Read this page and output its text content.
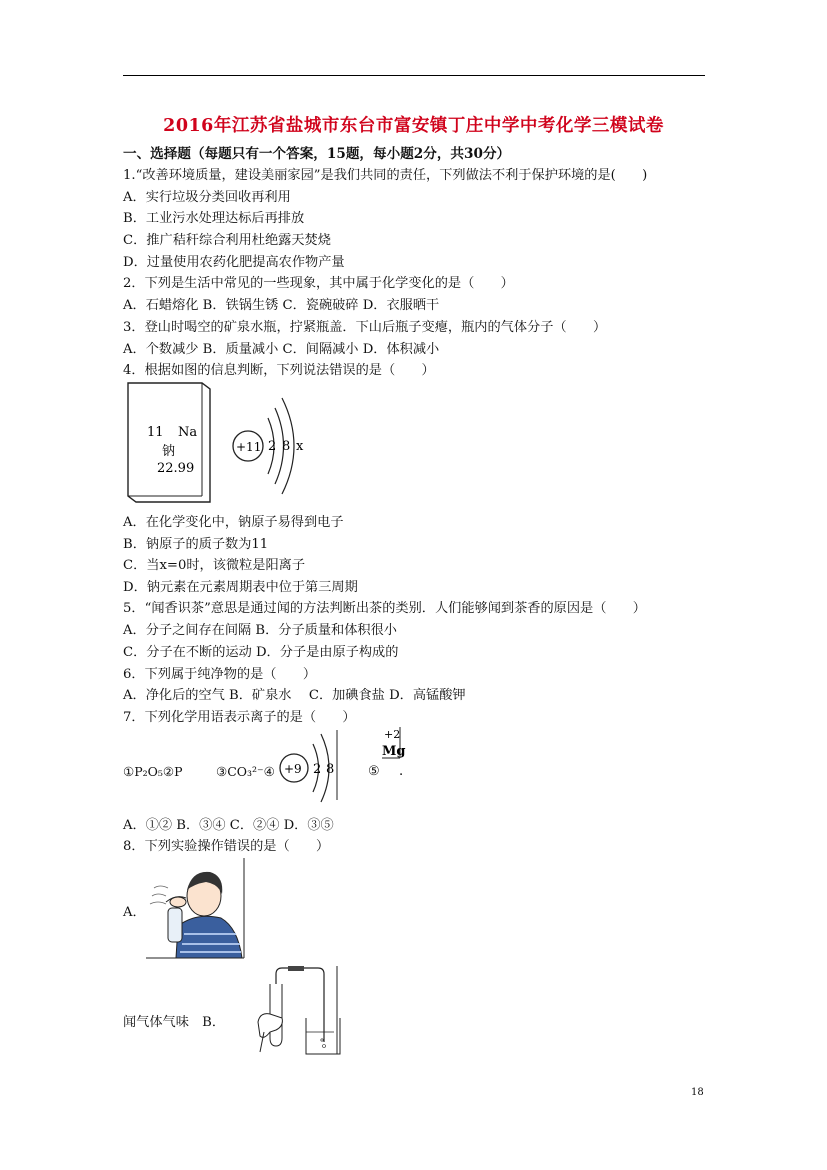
2016年江苏省盐城市东台市富安镇丁庄中学中考化学三模试卷
一、选择题（每题只有一个答案，15题，每小题2分，共30分）
1.“改善环境质量，建设美丽家园”是我们共同的责任，下列做法不利于保护环境的是(　　)
A．实行垃圾分类回收再利用
B．工业污水处理达标后再排放
C．推广秸秆综合利用杜绝露天焚烧
D．过量使用农药化肥提高农作物产量
2．下列是生活中常见的一些现象，其中属于化学变化的是（　　）
A．石蜡熔化 B．铁锅生锈 C．瓷碗破碎 D．衣服晒干
3．登山时喝空的矿泉水瓶，拧紧瓶盖．下山后瓶子变瘪，瓶内的气体分子（　　）
A．个数减少 B．质量减小 C．间隔减小 D．体积减小
4．根据如图的信息判断，下列说法错误的是（　　）
11 Na
钠
22.99
+11 2 8 x
A．在化学变化中，钠原子易得到电子
B．钠原子的质子数为11
C．当x=0时，该微粒是阳离子
D．钠元素在元素周期表中位于第三周期
5．“闻香识茶”意思是通过闻的方法判断出茶的类别．人们能够闻到茶香的原因是（　　）
A．分子之间存在间隔 B．分子质量和体积很小
C．分子在不断的运动 D．分子是由原子构成的
6．下列属于纯净物的是（　　）
A．净化后的空气 B．矿泉水　 C．加碘食盐 D．高锰酸钾
7．下列化学用语表示离子的是（　　）
①P₂O₅②P	③CO₃²⁻④ +9 2 8	⑤
+2
Mg
.
A．①② B．③④ C．②④ D．③⑤
8．下列实验操作错误的是（　　）
A．
闻气体气味　B．
18
